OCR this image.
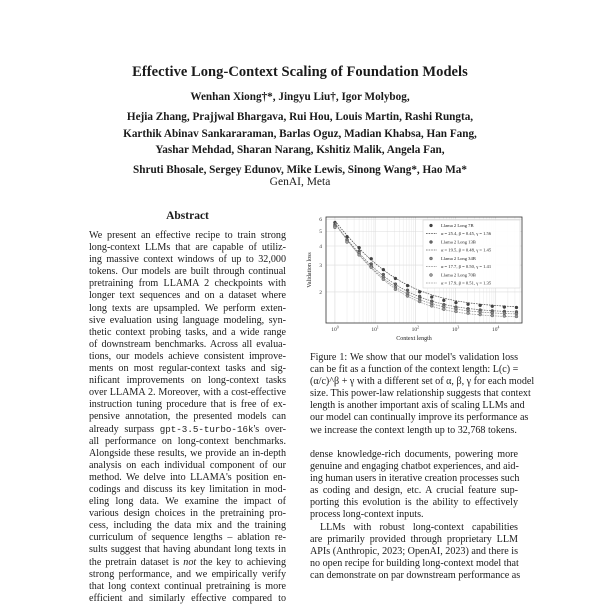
Effective Long-Context Scaling of Foundation Models
Wenhan Xiong†*, Jingyu Liu†, Igor Molybog,
Hejia Zhang, Prajjwal Bhargava, Rui Hou, Louis Martin, Rashi Rungta,
Karthik Abinav Sankararaman, Barlas Oguz, Madian Khabsa, Han Fang,
Yashar Mehdad, Sharan Narang, Kshitiz Malik, Angela Fan,
Shruti Bhosale, Sergey Edunov, Mike Lewis, Sinong Wang*, Hao Ma*
GenAI, Meta
Abstract
We present an effective recipe to train strong
long-context LLMs that are capable of utiliz-
ing massive context windows of up to 32,000
tokens. Our models are built through continual
pretraining from LLAMA 2 checkpoints with
longer text sequences and on a dataset where
long texts are upsampled. We perform exten-
sive evaluation using language modeling, syn-
thetic context probing tasks, and a wide range
of downstream benchmarks. Across all evalua-
tions, our models achieve consistent improve-
ments on most regular-context tasks and sig-
nificant improvements on long-context tasks
over LLAMA 2. Moreover, with a cost-effective
instruction tuning procedure that is free of ex-
pensive annotation, the presented models can
already surpass gpt-3.5-turbo-16k's over-
all performance on long-context benchmarks.
Alongside these results, we provide an in-depth
analysis on each individual component of our
method. We delve into LLAMA's position en-
codings and discuss its key limitation in mod-
eling long data. We examine the impact of
various design choices in the pretraining pro-
cess, including the data mix and the training
curriculum of sequence lengths – ablation re-
sults suggest that having abundant long texts in
the pretrain dataset is not the key to achieving
strong performance, and we empirically verify
that long context continual pretraining is more
efficient and similarly effective compared to
2
3
4
5
6
$10^0$	$10^1$	$10^2$	$10^3$	$10^4$
Context length
Validation loss
Llama 2 Long 7B
α = 25.4, β = 0.45, γ = 1.56
Llama 2 Long 13B
α = 19.5, β = 0.48, γ = 1.45
Llama 2 Long 34B
α = 17.7, β = 0.50, γ = 1.41
Llama 2 Long 70B
α = 17.9, β = 0.51, γ = 1.35
Figure 1: We show that our model's validation loss
can be fit as a function of the context length: L(c) =
(α/c)^β + γ with a different set of α, β, γ for each model
size. This power-law relationship suggests that context
length is another important axis of scaling LLMs and
our model can continually improve its performance as
we increase the context length up to 32,768 tokens.
dense knowledge-rich documents, powering more
genuine and engaging chatbot experiences, and aid-
ing human users in iterative creation processes such
as coding and design, etc. A crucial feature sup-
porting this evolution is the ability to effectively
process long-context inputs.
LLMs with robust long-context capabilities
are primarily provided through proprietary LLM
APIs (Anthropic, 2023; OpenAI, 2023) and there is
no open recipe for building long-context model that
can demonstrate on par downstream performance as
